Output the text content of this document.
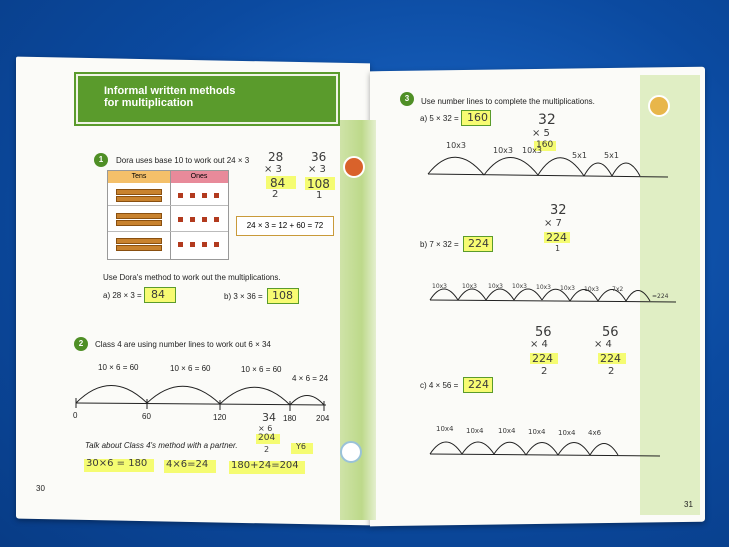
Informal written methods
for multiplication
1	Dora uses base 10 to work out 24 × 3
Tens	Ones
24 × 3 = 12 + 60 = 72
28
× 3
84
2
36
× 3
108
1
Use Dora's method to work out the multiplications.
a) 28 × 3 = 84	b) 3 × 36 = 108
2	Class 4 are using number lines to work out 6 × 34
10 × 6 = 60	10 × 6 = 60	10 × 6 = 60
4 × 6 = 24
0	60	120	180 204
34
× 6
204
2	Y6
Talk about Class 4's method with a partner.
30×6 = 180 4×6=24 180+24=204
30
3	Use number lines to complete the multiplications.
a) 5 × 32 = 160	32
× 5
160
10x3
10x3 10x3
5x1 5x1
32
× 7
224
1
b) 7 × 32 = 224
10x3 10x3 10x3 10x3 10x3 10x3 10x3 7x2
=224
56
× 4
224
2
56
× 4
224
2
c) 4 × 56 = 224
10x4 10x4 10x4 10x4 10x4 4x6
31
